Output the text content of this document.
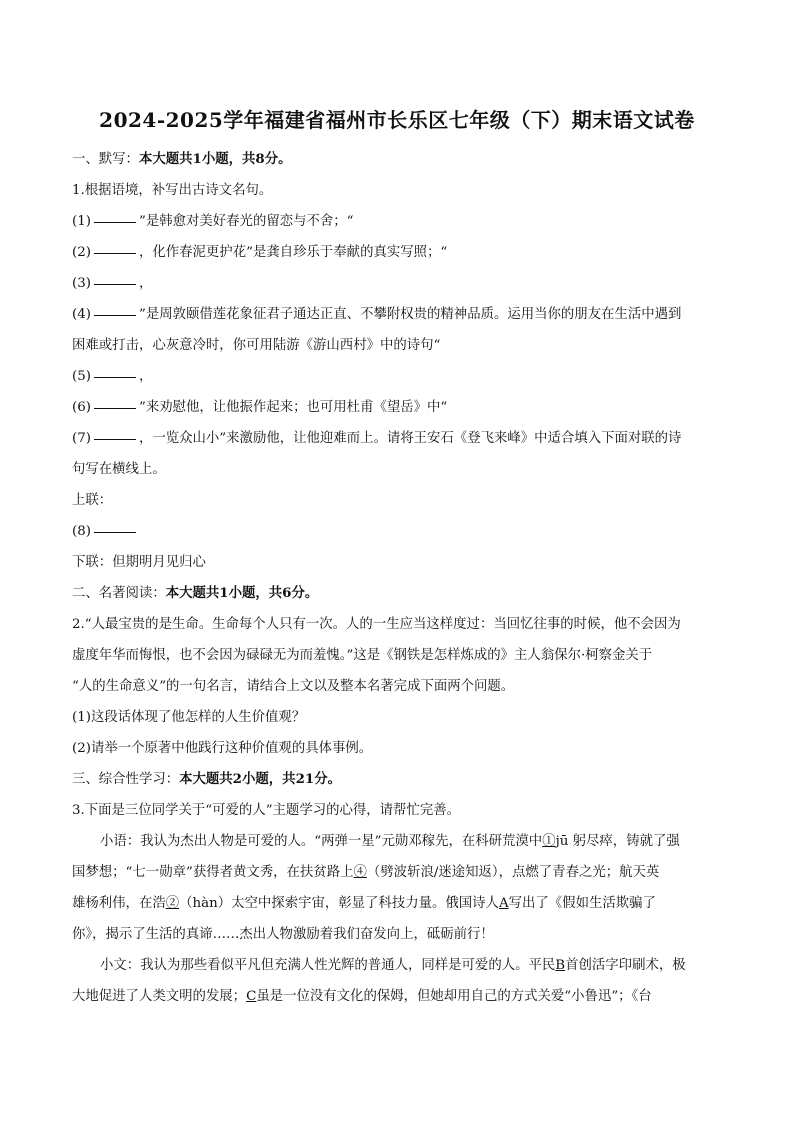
2024-2025学年福建省福州市长乐区七年级（下）期末语文试卷
一、默写：本大题共1小题，共8分。
1.根据语境，补写出古诗文名句。
(1)	”是韩愈对美好春光的留恋与不舍；“
(2)	，化作春泥更护花”是龚自珍乐于奉献的真实写照；“
(3)	，
(4)	”是周敦颐借莲花象征君子通达正直、不攀附权贵的精神品质。运用当你的朋友在生活中遇到
困难或打击，心灰意冷时，你可用陆游《游山西村》中的诗句“
(5)	，
(6)	”来劝慰他，让他振作起来；也可用杜甫《望岳》中“
(7)	，一览众山小”来激励他，让他迎难而上。请将王安石《登飞来峰》中适合填入下面对联的诗
句写在横线上。
上联：
(8)
下联：但期明月见归心
二、名著阅读：本大题共1小题，共6分。
2.“人最宝贵的是生命。生命每个人只有一次。人的一生应当这样度过：当回忆往事的时候，他不会因为
虚度年华而悔恨，也不会因为碌碌无为而羞愧。”这是《钢铁是怎样炼成的》主人翁保尔·柯察金关于
“人的生命意义”的一句名言，请结合上文以及整本名著完成下面两个问题。
(1)这段话体现了他怎样的人生价值观？
(2)请举一个原著中他践行这种价值观的具体事例。
三、综合性学习：本大题共2小题，共21分。
3.下面是三位同学关于“可爱的人”主题学习的心得，请帮忙完善。
小语：我认为杰出人物是可爱的人。“两弹一星”元勋邓稼先，在科研荒漠中①jū 躬尽瘁，铸就了强
国梦想；“七一勋章”获得者黄文秀，在扶贫路上④（劈波斩浪/迷途知返），点燃了青春之光；航天英
雄杨利伟，在浩②（hàn）太空中探索宇宙，彰显了科技力量。俄国诗人A写出了《假如生活欺骗了
你》，揭示了生活的真谛……杰出人物激励着我们奋发向上，砥砺前行！
小文：我认为那些看似平凡但充满人性光辉的普通人，同样是可爱的人。平民B首创活字印刷术，极
大地促进了人类文明的发展；C虽是一位没有文化的保姆，但她却用自己的方式关爱“小鲁迅”；《台
